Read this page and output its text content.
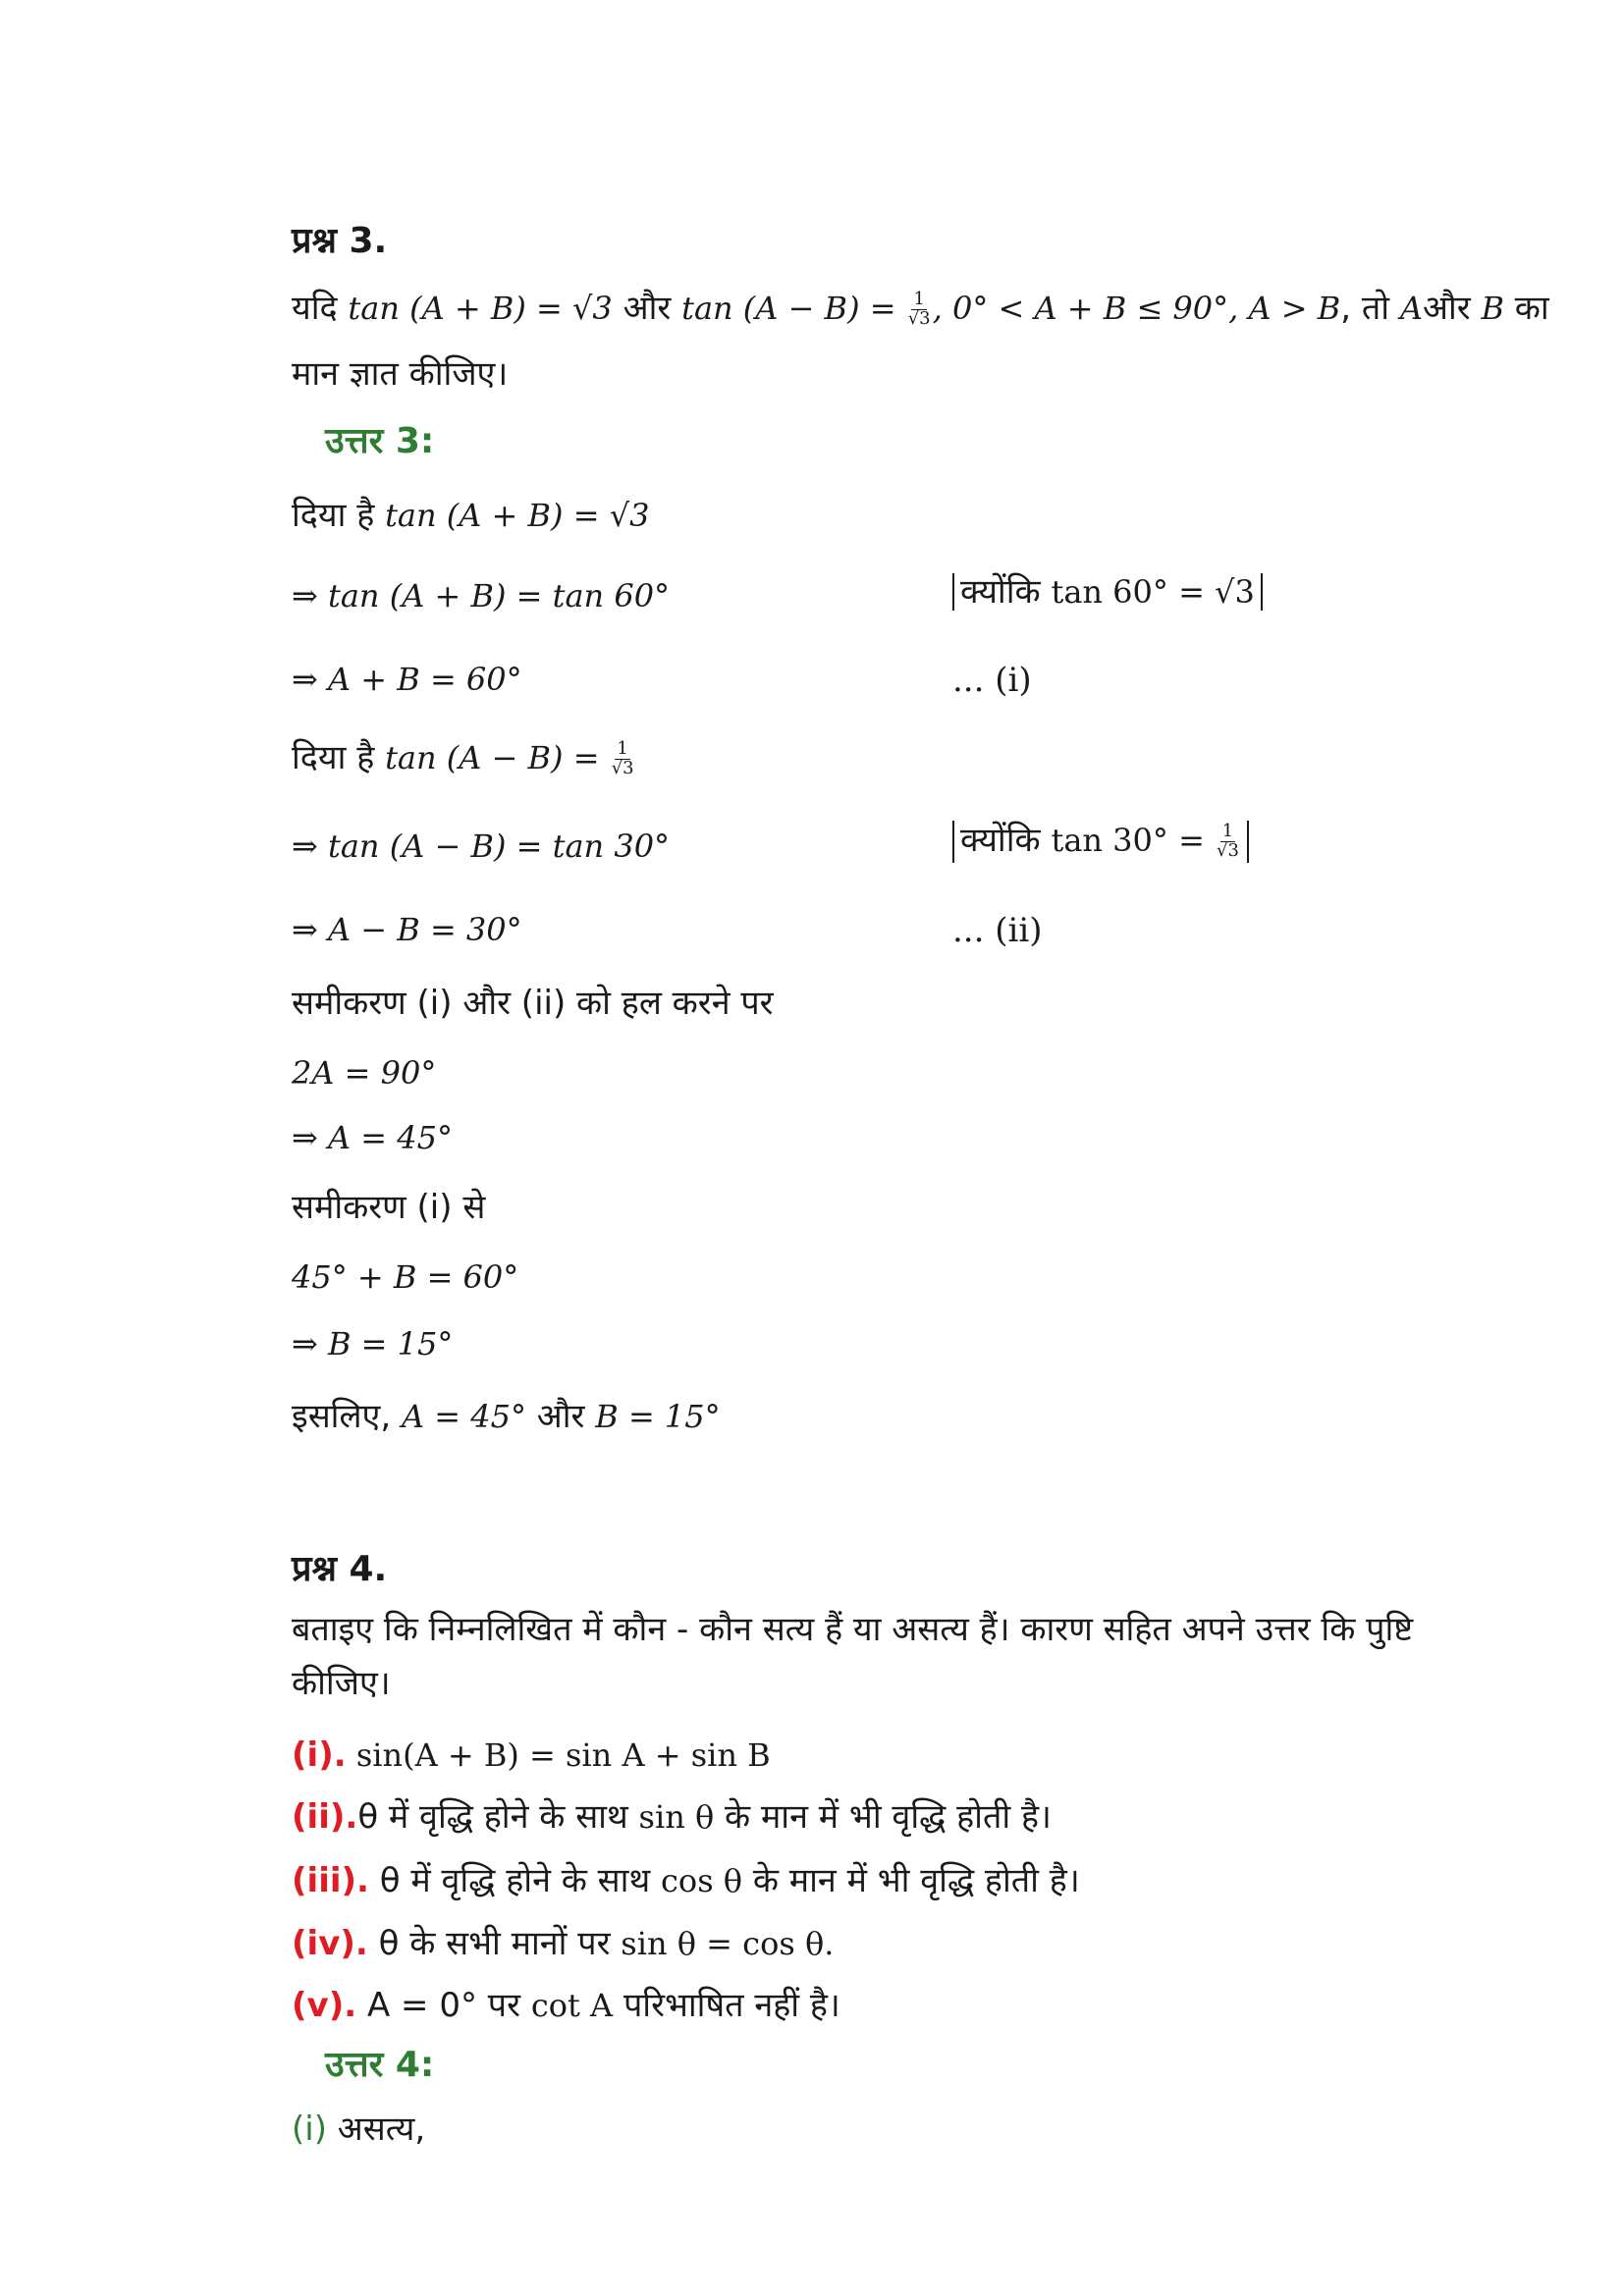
प्रश्न 3.
यदि tan (A + B) = √3 और $\tan (A - B) = \frac{1}{√3}$ , 0° < A + B ≤ 90°, A > B, तो Aऔर B का
मान ज्ञात कीजिए।
उत्तर 3:
दिया है tan (A + B) = √3
⇒ tan (A + B) = tan 60°	क्योंकि tan 60° = √3
⇒ A + B = 60°	... (i)
दिया है $\tan (A - B) = \frac{1}{√3}$
⇒ tan (A − B) = tan 30°	क्योंकि $\tan 30^\circ = \frac{1}{√3}$
⇒ A − B = 30°	... (ii)
समीकरण (i) और (ii) को हल करने पर
2A = 90°
⇒ A = 45°
समीकरण (i) से
45° + B = 60°
⇒ B = 15°
इसलिए, A = 45° और B = 15°
प्रश्न 4.
बताइए कि निम्नलिखित में कौन - कौन सत्य हैं या असत्य हैं। कारण सहित अपने उत्तर कि पुष्टि
कीजिए।
(i). sin(A + B) = sin A + sin B
(ii).θ में वृद्धि होने के साथ sin θ के मान में भी वृद्धि होती है।
(iii). θ में वृद्धि होने के साथ cos θ के मान में भी वृद्धि होती है।
(iv). θ के सभी मानों पर sin θ = cos θ.
(v). A = 0° पर cot A परिभाषित नहीं है।
उत्तर 4:
(i) असत्य,
